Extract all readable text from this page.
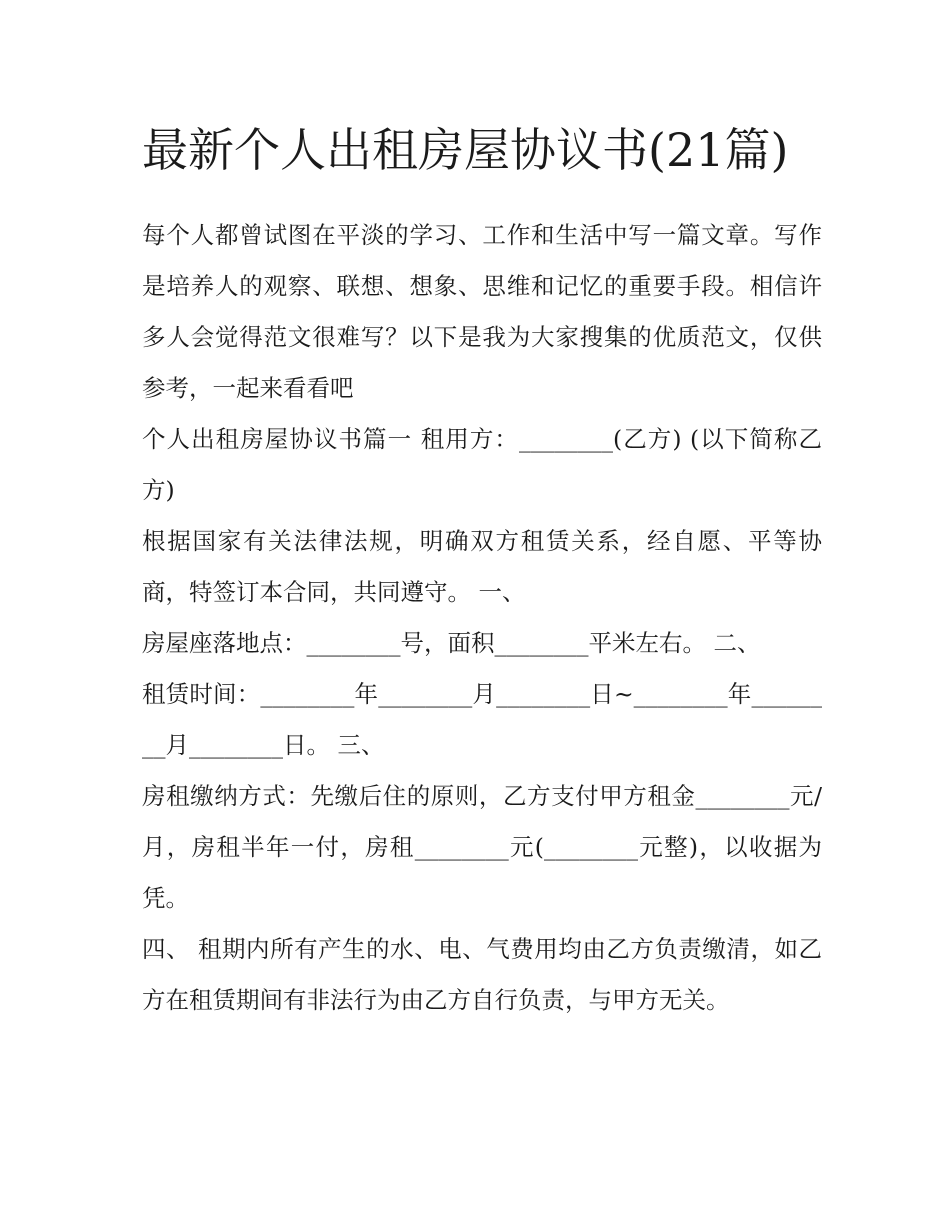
最新个人出租房屋协议书(21篇)

每个人都曾试图在平淡的学习、工作和生活中写一篇文章。写作是培养人的观察、联想、想象、思维和记忆的重要手段。相信许多人会觉得范文很难写？以下是我为大家搜集的优质范文，仅供参考，一起来看看吧

个人出租房屋协议书篇一 租用方：________(乙方) (以下简称乙方)

根据国家有关法律法规，明确双方租赁关系，经自愿、平等协商，特签订本合同，共同遵守。 一、

房屋座落地点：________号，面积________平米左右。 二、

租赁时间：________年________月________日~________年________月________日。 三、

房租缴纳方式：先缴后住的原则，乙方支付甲方租金________元/月，房租半年一付，房租________元(________元整)，以收据为凭。

四、 租期内所有产生的水、电、气费用均由乙方负责缴清，如乙方在租赁期间有非法行为由乙方自行负责，与甲方无关。
